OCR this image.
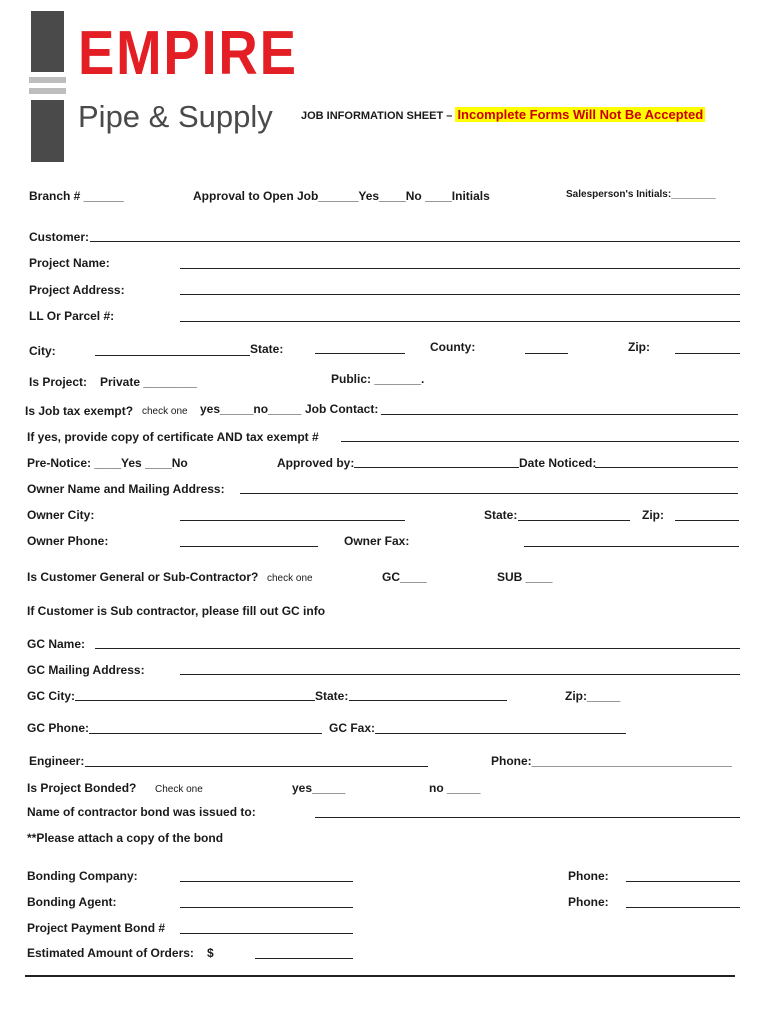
EMPIRE
Pipe & Supply	JOB INFORMATION SHEET – Incomplete Forms Will Not Be Accepted
Branch # ______	Approval to Open Job______Yes____No ____Initials	Salesperson's Initials:________
Customer:
Project Name:
Project Address:
LL Or Parcel #:
City:	State:	County:	Zip:
Is Project: Private ________	Public: _______.
Is Job tax exempt? check one yes_____no_____ Job Contact:
If yes, provide copy of certificate AND tax exempt #
Pre-Notice: ____Yes ____No	Approved by:	Date Noticed:
Owner Name and Mailing Address:
Owner City:	State:	Zip:
Owner Phone:	Owner Fax:
Is Customer General or Sub-Contractor? check one	GC____	SUB ____
If Customer is Sub contractor, please fill out GC info
GC Name:
GC Mailing Address:
GC City:	State:	Zip:_____
GC Phone:	GC Fax:
Engineer:	Phone:______________________________
Is Project Bonded? Check one	yes_____	no _____
Name of contractor bond was issued to:
**Please attach a copy of the bond
Bonding Company:	Phone:
Bonding Agent:	Phone:
Project Payment Bond #
Estimated Amount of Orders: $
